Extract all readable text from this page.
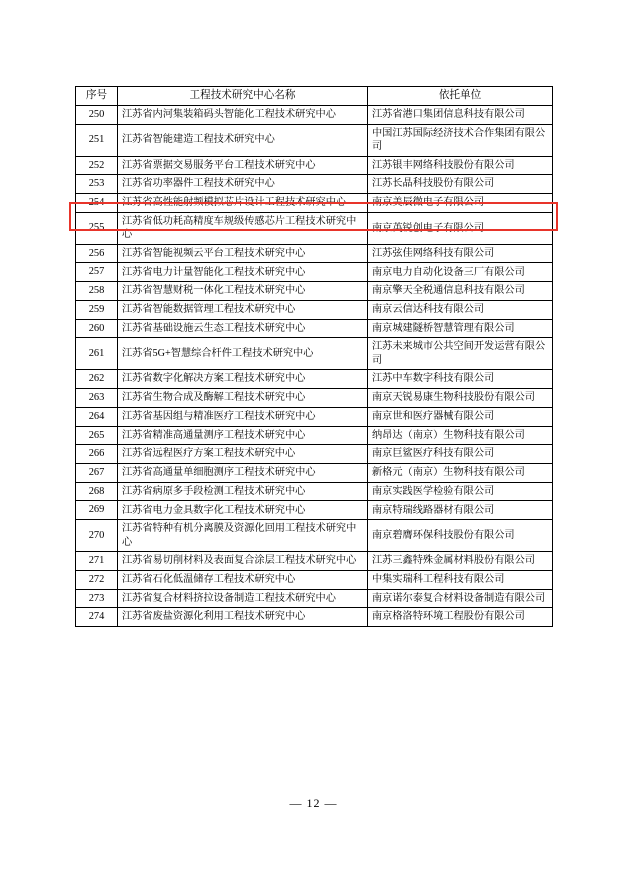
序号	工程技术研究中心名称	依托单位
250	江苏省内河集装箱码头智能化工程技术研究中心	江苏省港口集团信息科技有限公司
251	江苏省智能建造工程技术研究中心	中国江苏国际经济技术合作集团有限公司
252	江苏省票据交易服务平台工程技术研究中心	江苏银丰网络科技股份有限公司
253	江苏省功率器件工程技术研究中心	江苏长晶科技股份有限公司
254	江苏省高性能射频模拟芯片设计工程技术研究中心	南京美辰微电子有限公司
255	江苏省低功耗高精度车规级传感芯片工程技术研究中心	南京英锐创电子有限公司
256	江苏省智能视频云平台工程技术研究中心	江苏弦佳网络科技有限公司
257	江苏省电力计量智能化工程技术研究中心	南京电力自动化设备三厂有限公司
258	江苏省智慧财税一体化工程技术研究中心	南京擎天全税通信息科技有限公司
259	江苏省智能数据管理工程技术研究中心	南京云信达科技有限公司
260	江苏省基础设施云生态工程技术研究中心	南京城建隧桥智慧管理有限公司
261	江苏省5G+智慧综合杆件工程技术研究中心	江苏未来城市公共空间开发运营有限公司
262	江苏省数字化解决方案工程技术研究中心	江苏中车数字科技有限公司
263	江苏省生物合成及酶解工程技术研究中心	南京天锐易康生物科技股份有限公司
264	江苏省基因组与精准医疗工程技术研究中心	南京世和医疗器械有限公司
265	江苏省精准高通量测序工程技术研究中心	纳昂达（南京）生物科技有限公司
266	江苏省远程医疗方案工程技术研究中心	南京巨鲨医疗科技有限公司
267	江苏省高通量单细胞测序工程技术研究中心	新格元（南京）生物科技有限公司
268	江苏省病原多手段检测工程技术研究中心	南京实践医学检验有限公司
269	江苏省电力金具数字化工程技术研究中心	南京特瑞线路器材有限公司
270	江苏省特种有机分离膜及资源化回用工程技术研究中心	南京碧膺环保科技股份有限公司
271	江苏省易切削材料及表面复合涂层工程技术研究中心	江苏三鑫特殊金属材料股份有限公司
272	江苏省石化低温储存工程技术研究中心	中集实瑞科工程科技有限公司
273	江苏省复合材料挤拉设备制造工程技术研究中心	南京诺尔泰复合材料设备制造有限公司
274	江苏省废盐资源化利用工程技术研究中心	南京格洛特环境工程股份有限公司
— 12 —
